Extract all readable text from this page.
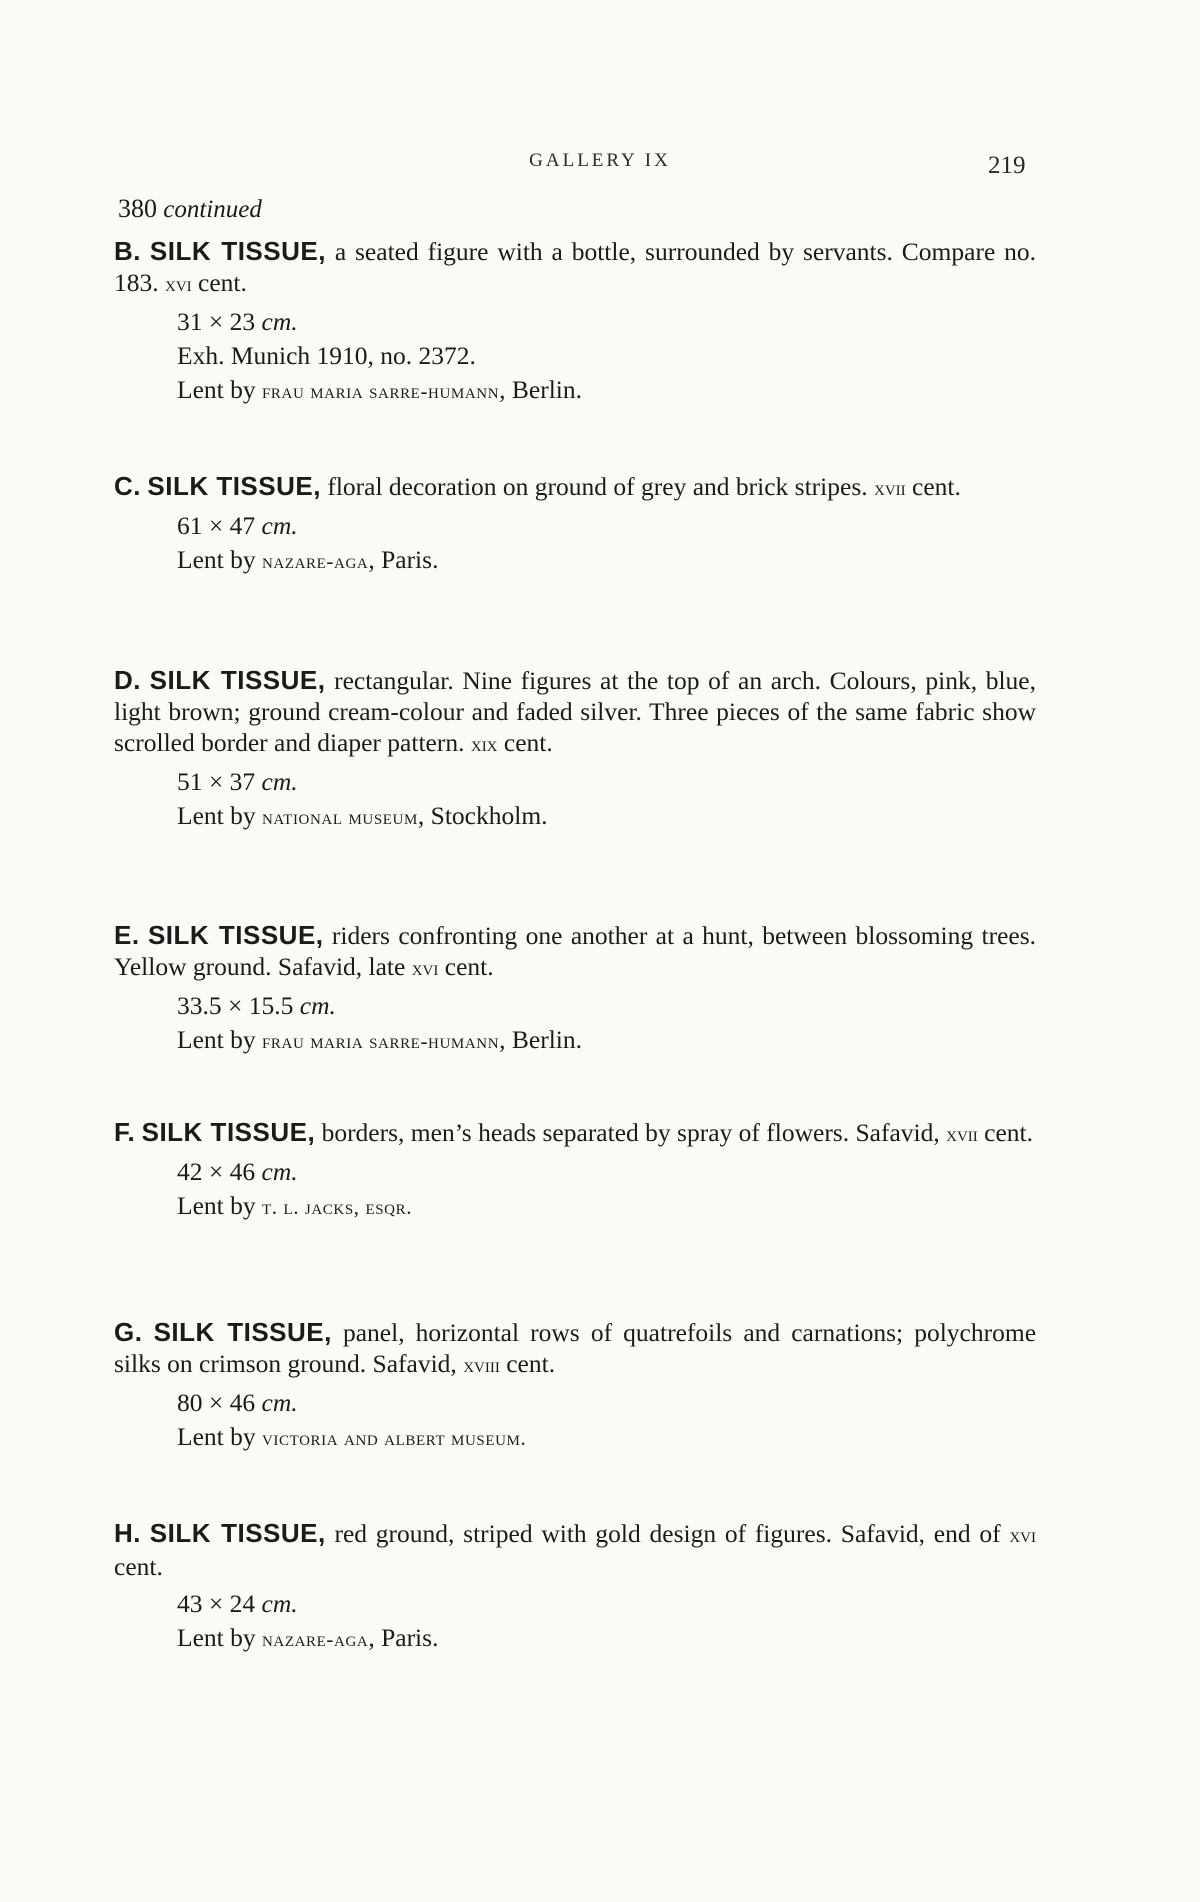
GALLERY IX	219
380 continued
B. SILK TISSUE, a seated figure with a bottle, surrounded by servants. Compare no. 183. xvi cent.
31 × 23 cm.
Exh. Munich 1910, no. 2372.
Lent by frau maria sarre-humann, Berlin.
C. SILK TISSUE, floral decoration on ground of grey and brick stripes. xvii cent.
61 × 47 cm.
Lent by nazare-aga, Paris.
D. SILK TISSUE, rectangular. Nine figures at the top of an arch. Colours, pink, blue, light brown; ground cream-colour and faded silver. Three pieces of the same fabric show scrolled border and diaper pattern. xix cent.
51 × 37 cm.
Lent by national museum, Stockholm.
E. SILK TISSUE, riders confronting one another at a hunt, between blossoming trees. Yellow ground. Safavid, late xvi cent.
33.5 × 15.5 cm.
Lent by frau maria sarre-humann, Berlin.
F. SILK TISSUE, borders, men’s heads separated by spray of flowers. Safavid, xvii cent.
42 × 46 cm.
Lent by t. l. jacks, esqr.
G. SILK TISSUE, panel, horizontal rows of quatrefoils and carnations; polychrome silks on crimson ground. Safavid, xviii cent.
80 × 46 cm.
Lent by victoria and albert museum.
H. SILK TISSUE, red ground, striped with gold design of figures. Safavid, end of xvi cent.
43 × 24 cm.
Lent by nazare-aga, Paris.
